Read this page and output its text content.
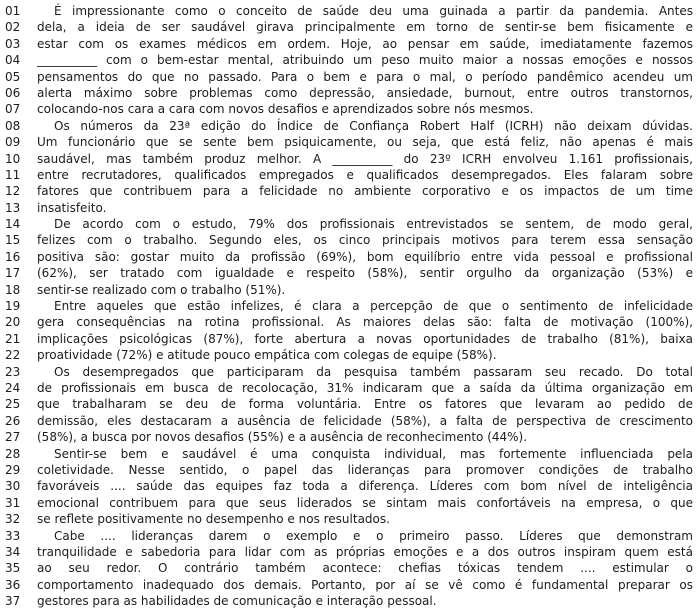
01	É impressionante como o conceito de saúde deu uma guinada a partir da pandemia. Antes
02	dela, a ideia de ser saudável girava principalmente em torno de sentir-se bem fisicamente e
03	estar com os exames médicos em ordem. Hoje, ao pensar em saúde, imediatamente fazemos
04	__________ com o bem-estar mental, atribuindo um peso muito maior a nossas emoções e nossos
05	pensamentos do que no passado. Para o bem e para o mal, o período pandêmico acendeu um
06	alerta máximo sobre problemas como depressão, ansiedade, burnout, entre outros transtornos,
07	colocando-nos cara a cara com novos desafios e aprendizados sobre nós mesmos.
08	Os números da 23ª edição do Índice de Confiança Robert Half (ICRH) não deixam dúvidas.
09	Um funcionário que se sente bem psiquicamente, ou seja, que está feliz, não apenas é mais
10	saudável, mas também produz melhor. A __________ do 23º ICRH envolveu 1.161 profissionais,
11	entre recrutadores, qualificados empregados e qualificados desempregados. Eles falaram sobre
12	fatores que contribuem para a felicidade no ambiente corporativo e os impactos de um time
13	insatisfeito.
14	De acordo com o estudo, 79% dos profissionais entrevistados se sentem, de modo geral,
15	felizes com o trabalho. Segundo eles, os cinco principais motivos para terem essa sensação
16	positiva são: gostar muito da profissão (69%), bom equilíbrio entre vida pessoal e profissional
17	(62%), ser tratado com igualdade e respeito (58%), sentir orgulho da organização (53%) e
18	sentir-se realizado com o trabalho (51%).
19	Entre aqueles que estão infelizes, é clara a percepção de que o sentimento de infelicidade
20	gera consequências na rotina profissional. As maiores delas são: falta de motivação (100%),
21	implicações psicológicas (87%), forte abertura a novas oportunidades de trabalho (81%), baixa
22	proatividade (72%) e atitude pouco empática com colegas de equipe (58%).
23	Os desempregados que participaram da pesquisa também passaram seu recado. Do total
24	de profissionais em busca de recolocação, 31% indicaram que a saída da última organização em
25	que trabalharam se deu de forma voluntária. Entre os fatores que levaram ao pedido de
26	demissão, eles destacaram a ausência de felicidade (58%), a falta de perspectiva de crescimento
27	(58%), a busca por novos desafios (55%) e a ausência de reconhecimento (44%).
28	Sentir-se bem e saudável é uma conquista individual, mas fortemente influenciada pela
29	coletividade. Nesse sentido, o papel das lideranças para promover condições de trabalho
30	favoráveis .... saúde das equipes faz toda a diferença. Líderes com bom nível de inteligência
31	emocional contribuem para que seus liderados se sintam mais confortáveis na empresa, o que
32	se reflete positivamente no desempenho e nos resultados.
33	Cabe .... lideranças darem o exemplo e o primeiro passo. Líderes que demonstram
34	tranquilidade e sabedoria para lidar com as próprias emoções e a dos outros inspiram quem está
35	ao seu redor. O contrário também acontece: chefias tóxicas tendem .... estimular o
36	comportamento inadequado dos demais. Portanto, por aí se vê como é fundamental preparar os
37	gestores para as habilidades de comunicação e interação pessoal.
